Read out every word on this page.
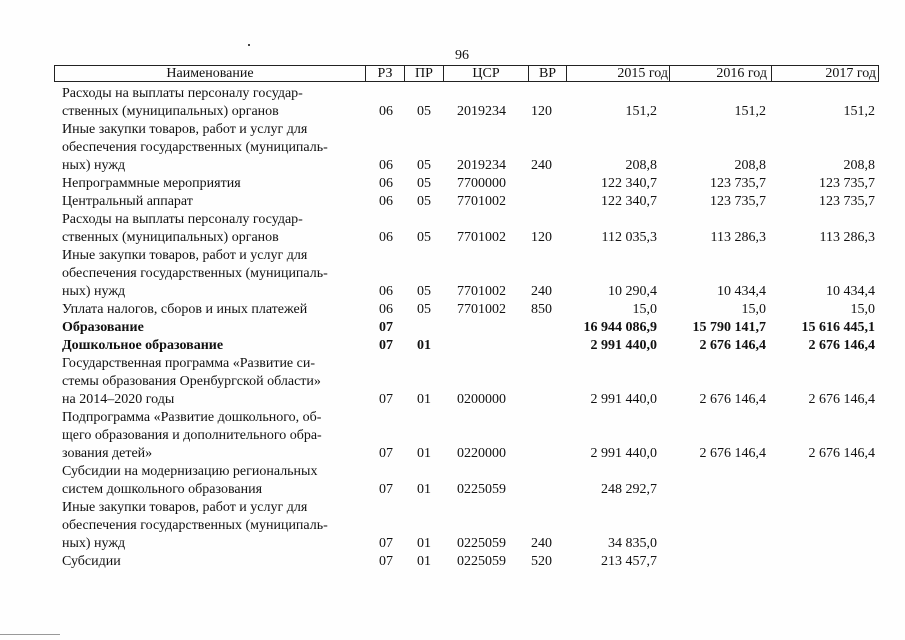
96
Наименование	РЗ	ПР	ЦСР	ВР	2015 год	2016 год	2017 год
Расходы на выплаты персоналу государ-
ственных (муниципальных) органов	06 05 2019234 120	151,2	151,2	151,2
Иные закупки товаров, работ и услуг для
обеспечения государственных (муниципаль-
ных) нужд	06 05 2019234 240	208,8	208,8	208,8
Непрограммные мероприятия	06 05 7700000	122 340,7	123 735,7	123 735,7
Центральный аппарат	06 05 7701002	122 340,7	123 735,7	123 735,7
Расходы на выплаты персоналу государ-
ственных (муниципальных) органов	06 05 7701002 120	112 035,3	113 286,3	113 286,3
Иные закупки товаров, работ и услуг для
обеспечения государственных (муниципаль-
ных) нужд	06 05 7701002 240	10 290,4	10 434,4	10 434,4
Уплата налогов, сборов и иных платежей	06 05 7701002 850	15,0	15,0	15,0
Образование	07	16 944 086,9	15 790 141,7	15 616 445,1
Дошкольное образование	07 01	2 991 440,0	2 676 146,4	2 676 146,4
Государственная программа «Развитие си-
стемы образования Оренбургской области»
на 2014–2020 годы	07 01 0200000	2 991 440,0	2 676 146,4	2 676 146,4
Подпрограмма «Развитие дошкольного, об-
щего образования и дополнительного обра-
зования детей»	07 01 0220000	2 991 440,0	2 676 146,4	2 676 146,4
Субсидии на модернизацию региональных
систем дошкольного образования	07 01 0225059	248 292,7
Иные закупки товаров, работ и услуг для
обеспечения государственных (муниципаль-
ных) нужд	07 01 0225059 240	34 835,0
Субсидии	07 01 0225059 520	213 457,7
